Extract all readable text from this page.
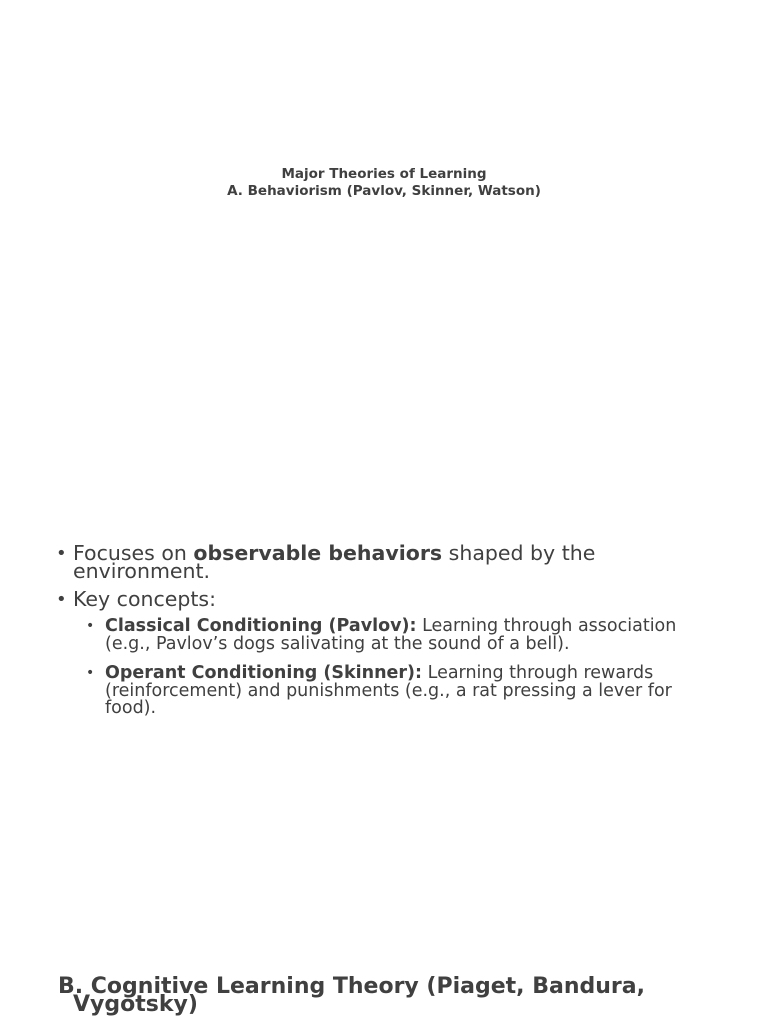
Major Theories of Learning
A. Behaviorism (Pavlov, Skinner, Watson)
• Focuses on observable behaviors shaped by the environment.
• Key concepts:
• Classical Conditioning (Pavlov): Learning through association (e.g., Pavlov’s dogs salivating at the sound of a bell).
• Operant Conditioning (Skinner): Learning through rewards (reinforcement) and punishments (e.g., a rat pressing a lever for food).
B. Cognitive Learning Theory (Piaget, Bandura, Vygotsky)
